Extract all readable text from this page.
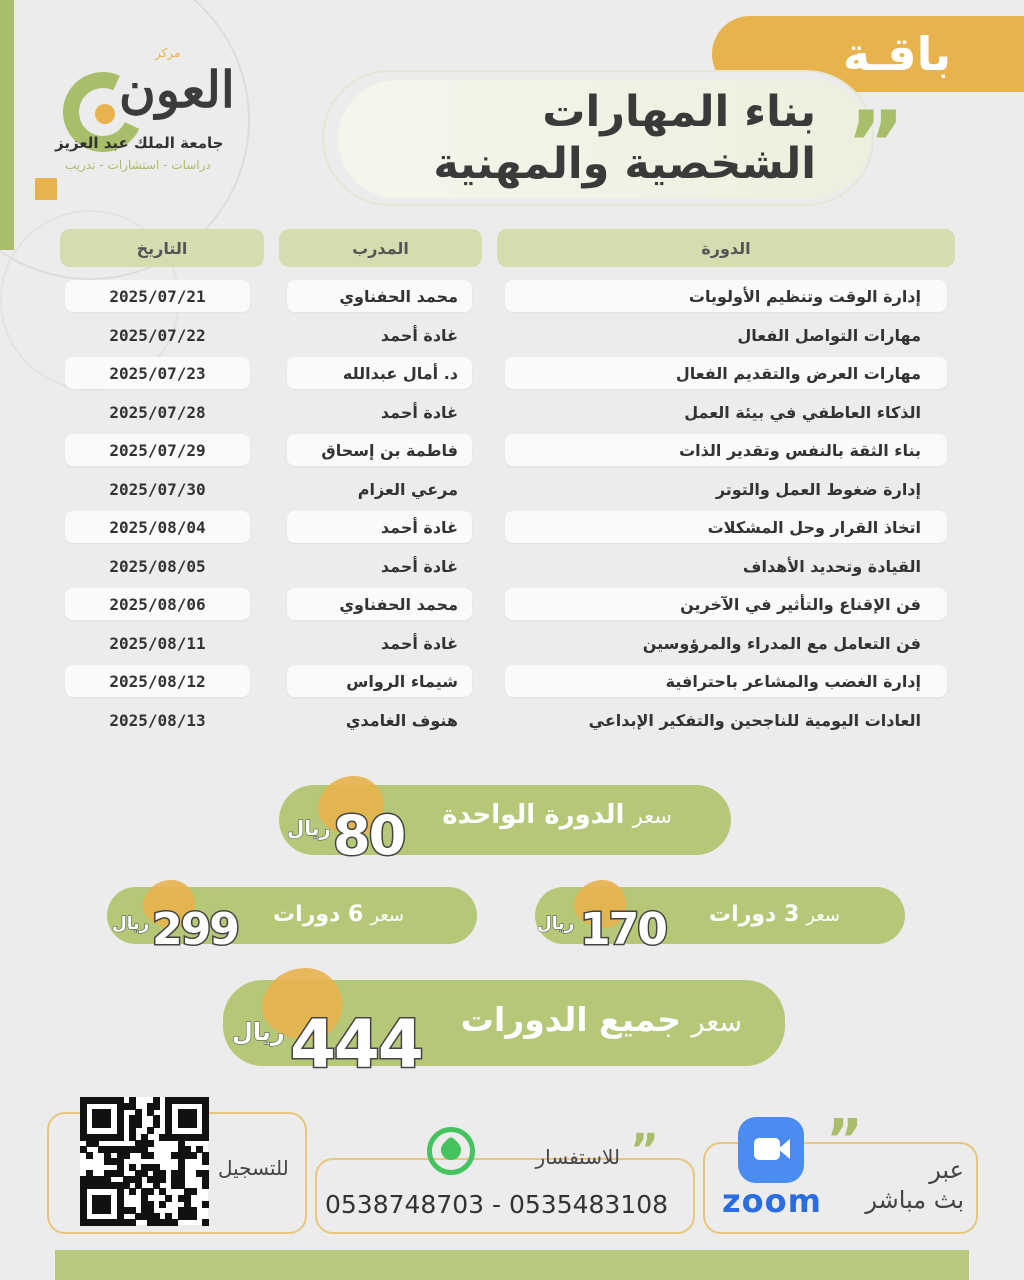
مركز
العون
جامعة الملك عبد العزيز
دراسات - استشارات - تدريب
باقـة
بناء المهارات
الشخصية والمهنية ”
الدورة
المدرب
التاريخ
إدارة الوقت وتنظيم الأولويات
محمد الحفناوي
2025/07/21
مهارات التواصل الفعال
غادة أحمد
2025/07/22
مهارات العرض والتقديم الفعال
د. أمال عبدالله
2025/07/23
الذكاء العاطفي في بيئة العمل
غادة أحمد
2025/07/28
بناء الثقة بالنفس وتقدير الذات
فاطمة بن إسحاق
2025/07/29
إدارة ضغوط العمل والتوتر
مرعي العزام
2025/07/30
اتخاذ القرار وحل المشكلات
غادة أحمد
2025/08/04
القيادة وتحديد الأهداف
غادة أحمد
2025/08/05
فن الإقناع والتأثير في الآخرين
محمد الحفناوي
2025/08/06
فن التعامل مع المدراء والمرؤوسين
غادة أحمد
2025/08/11
إدارة الغضب والمشاعر باحترافية
شيماء الرواس
2025/08/12
العادات اليومية للناجحين والتفكير الإبداعي
هنوف الغامدي
2025/08/13
سعر الدورة الواحدة
80
ريال
سعر 3 دورات
170
ريال
سعر 6 دورات
299
ريال
سعر جميع الدورات
444
ريال
zoom
عبر
بث مباشر
”
للاستفسار ”
0538748703 - 0535483108
للتسجيل
